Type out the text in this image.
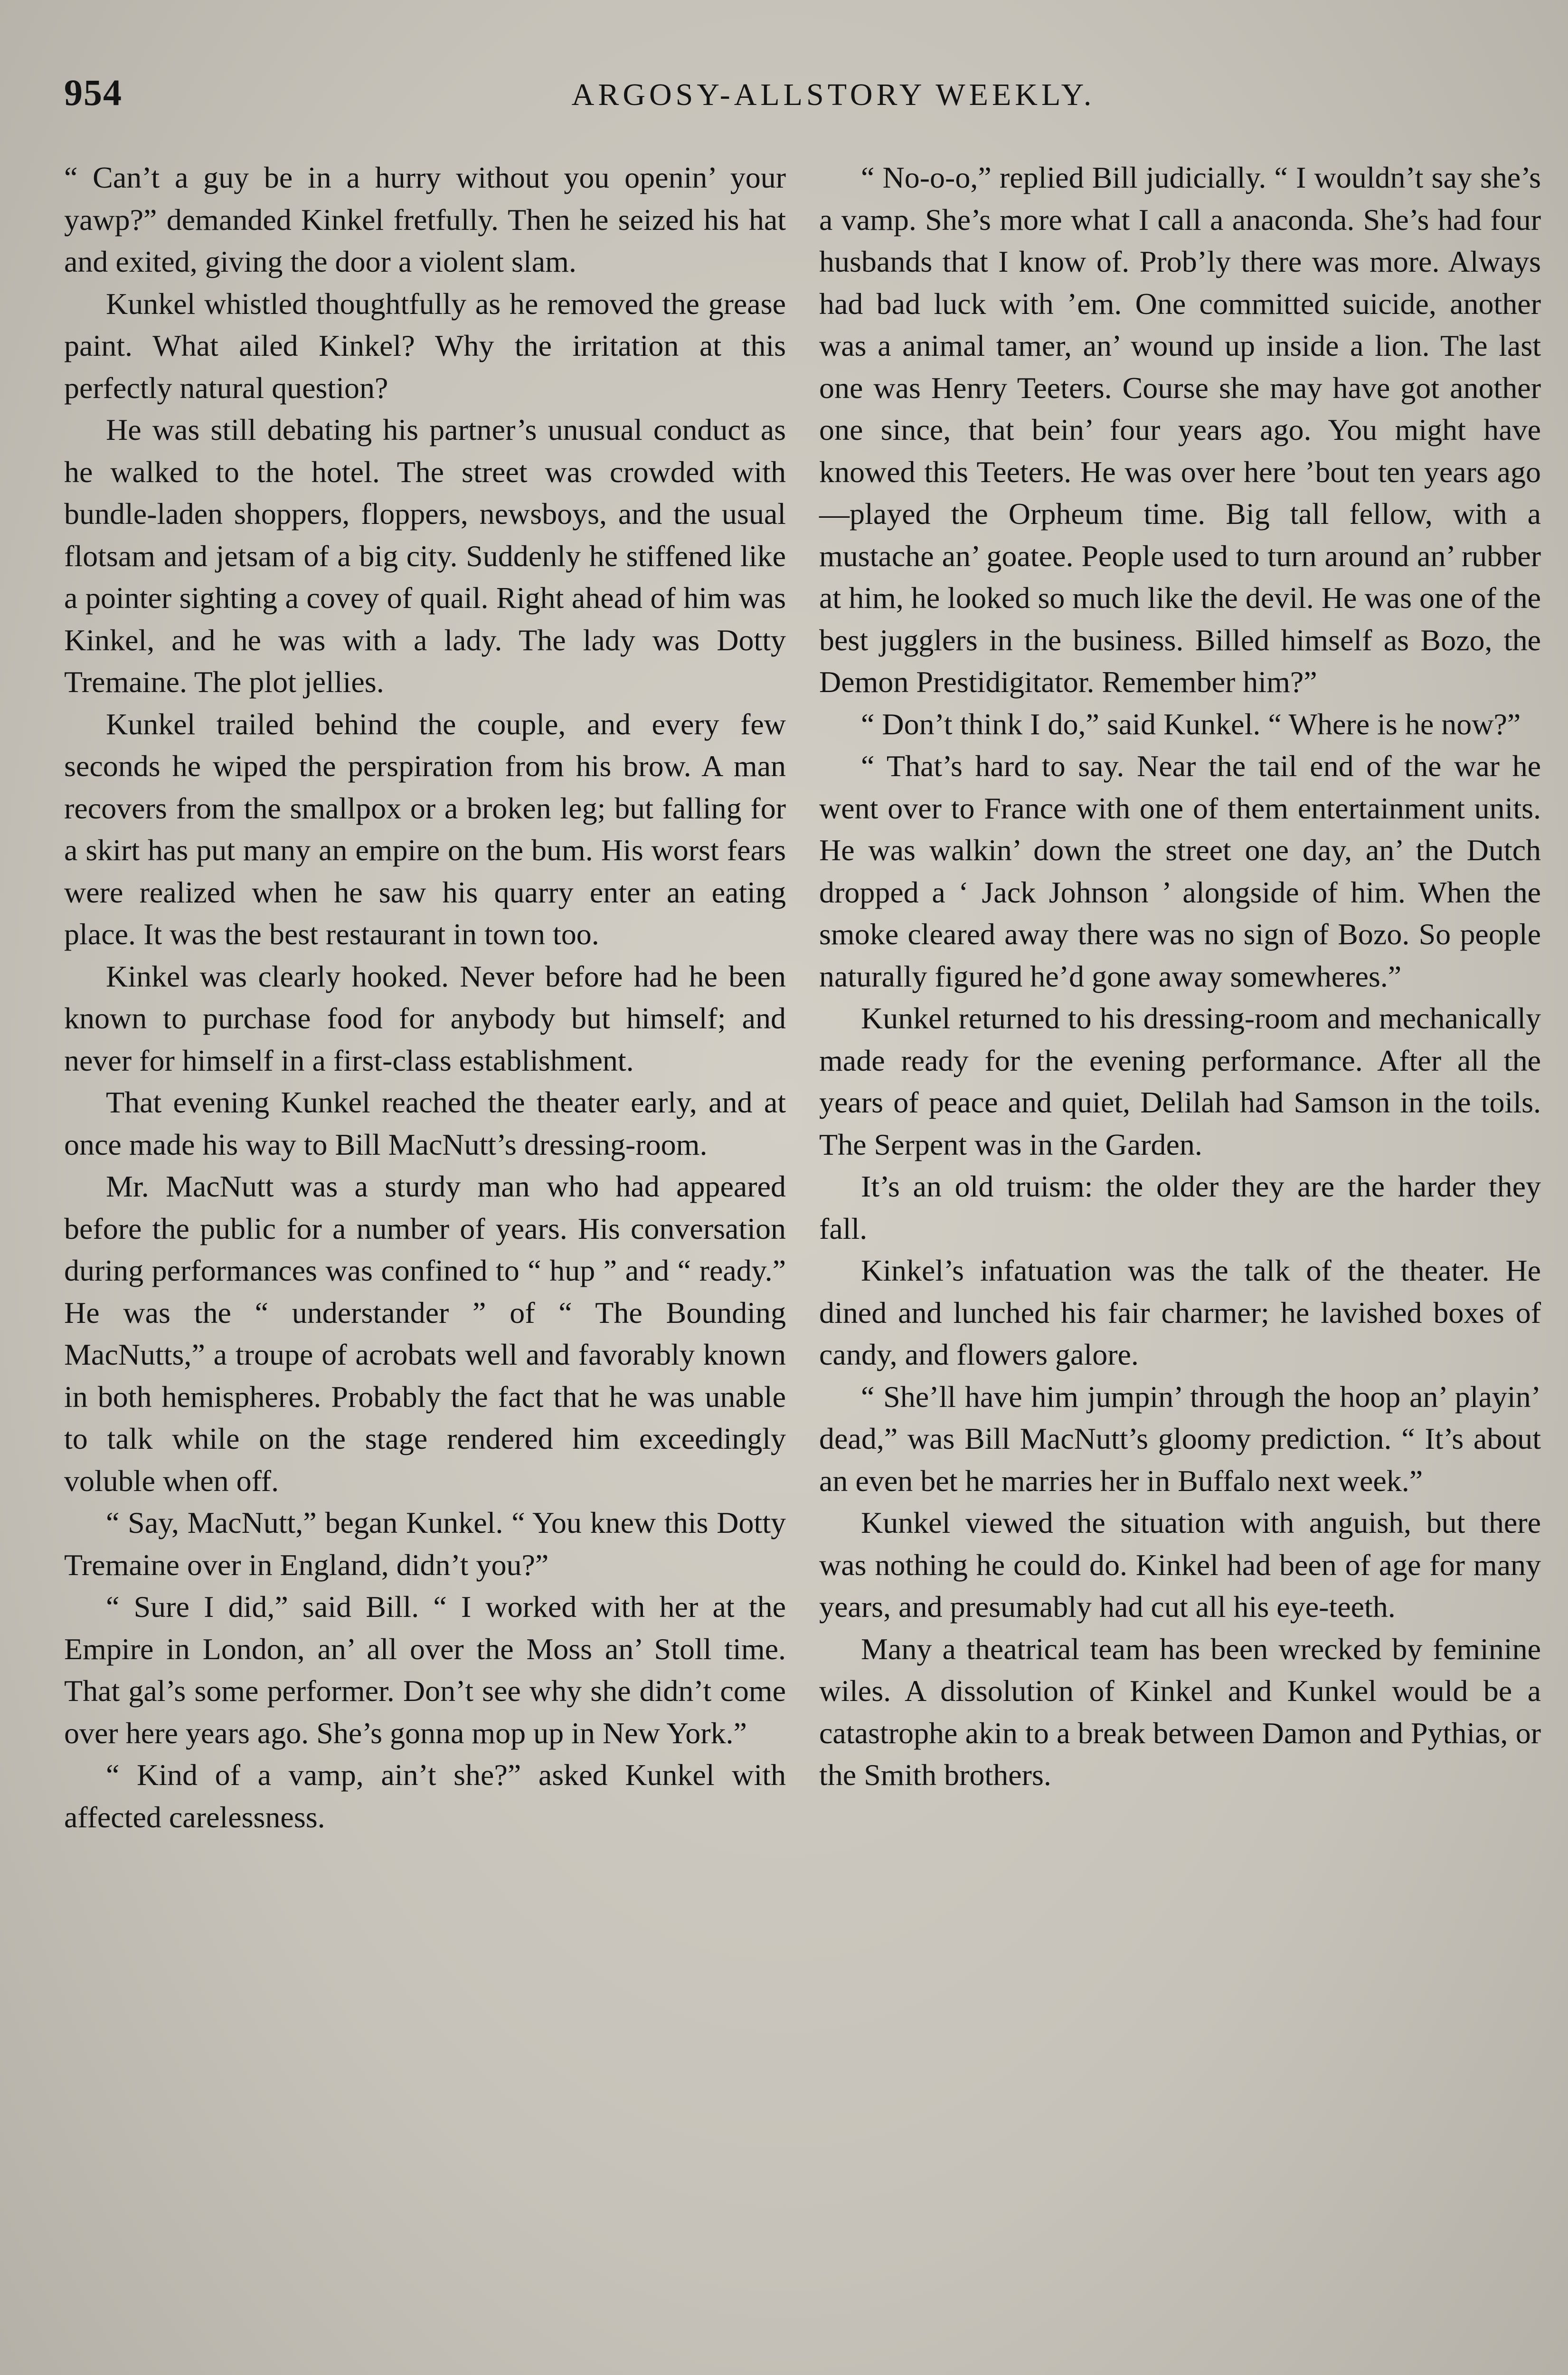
954	ARGOSY-ALLSTORY WEEKLY.

“ Can’t a guy be in a hurry without you openin’ your yawp?” demanded Kinkel fretfully. Then he seized his hat and exited, giving the door a violent slam.

Kunkel whistled thoughtfully as he removed the grease paint. What ailed Kinkel? Why the irritation at this perfectly natural question?

He was still debating his partner’s unusual conduct as he walked to the hotel. The street was crowded with bundle-laden shoppers, floppers, newsboys, and the usual flotsam and jetsam of a big city. Suddenly he stiffened like a pointer sighting a covey of quail. Right ahead of him was Kinkel, and he was with a lady. The lady was Dotty Tremaine. The plot jellies.

Kunkel trailed behind the couple, and every few seconds he wiped the perspiration from his brow. A man recovers from the smallpox or a broken leg; but falling for a skirt has put many an empire on the bum. His worst fears were realized when he saw his quarry enter an eating place. It was the best restaurant in town too.

Kinkel was clearly hooked. Never before had he been known to purchase food for anybody but himself; and never for himself in a first-class establishment.

That evening Kunkel reached the theater early, and at once made his way to Bill MacNutt’s dressing-room.

Mr. MacNutt was a sturdy man who had appeared before the public for a number of years. His conversation during performances was confined to “ hup ” and “ ready.” He was the “ understander ” of “ The Bounding MacNutts,” a troupe of acrobats well and favorably known in both hemispheres. Probably the fact that he was unable to talk while on the stage rendered him exceedingly voluble when off.

“ Say, MacNutt,” began Kunkel. “ You knew this Dotty Tremaine over in England, didn’t you?”

“ Sure I did,” said Bill. “ I worked with her at the Empire in London, an’ all over the Moss an’ Stoll time. That gal’s some performer. Don’t see why she didn’t come over here years ago. She’s gonna mop up in New York.”

“ Kind of a vamp, ain’t she?” asked Kunkel with affected carelessness.

“ No-o-o,” replied Bill judicially. “ I wouldn’t say she’s a vamp. She’s more what I call a anaconda. She’s had four husbands that I know of. Prob’ly there was more. Always had bad luck with ’em. One committed suicide, another was a animal tamer, an’ wound up inside a lion. The last one was Henry Teeters. Course she may have got another one since, that bein’ four years ago. You might have knowed this Teeters. He was over here ’bout ten years ago—played the Orpheum time. Big tall fellow, with a mustache an’ goatee. People used to turn around an’ rubber at him, he looked so much like the devil. He was one of the best jugglers in the business. Billed himself as Bozo, the Demon Prestidigitator. Remember him?”

“ Don’t think I do,” said Kunkel. “ Where is he now?”

“ That’s hard to say. Near the tail end of the war he went over to France with one of them entertainment units. He was walkin’ down the street one day, an’ the Dutch dropped a ‘ Jack Johnson ’ alongside of him. When the smoke cleared away there was no sign of Bozo. So people naturally figured he’d gone away somewheres.”

Kunkel returned to his dressing-room and mechanically made ready for the evening performance. After all the years of peace and quiet, Delilah had Samson in the toils. The Serpent was in the Garden.

It’s an old truism: the older they are the harder they fall.

Kinkel’s infatuation was the talk of the theater. He dined and lunched his fair charmer; he lavished boxes of candy, and flowers galore.

“ She’ll have him jumpin’ through the hoop an’ playin’ dead,” was Bill MacNutt’s gloomy prediction. “ It’s about an even bet he marries her in Buffalo next week.”

Kunkel viewed the situation with anguish, but there was nothing he could do. Kinkel had been of age for many years, and presumably had cut all his eye-teeth.

Many a theatrical team has been wrecked by feminine wiles. A dissolution of Kinkel and Kunkel would be a catastrophe akin to a break between Damon and Pythias, or the Smith brothers.
